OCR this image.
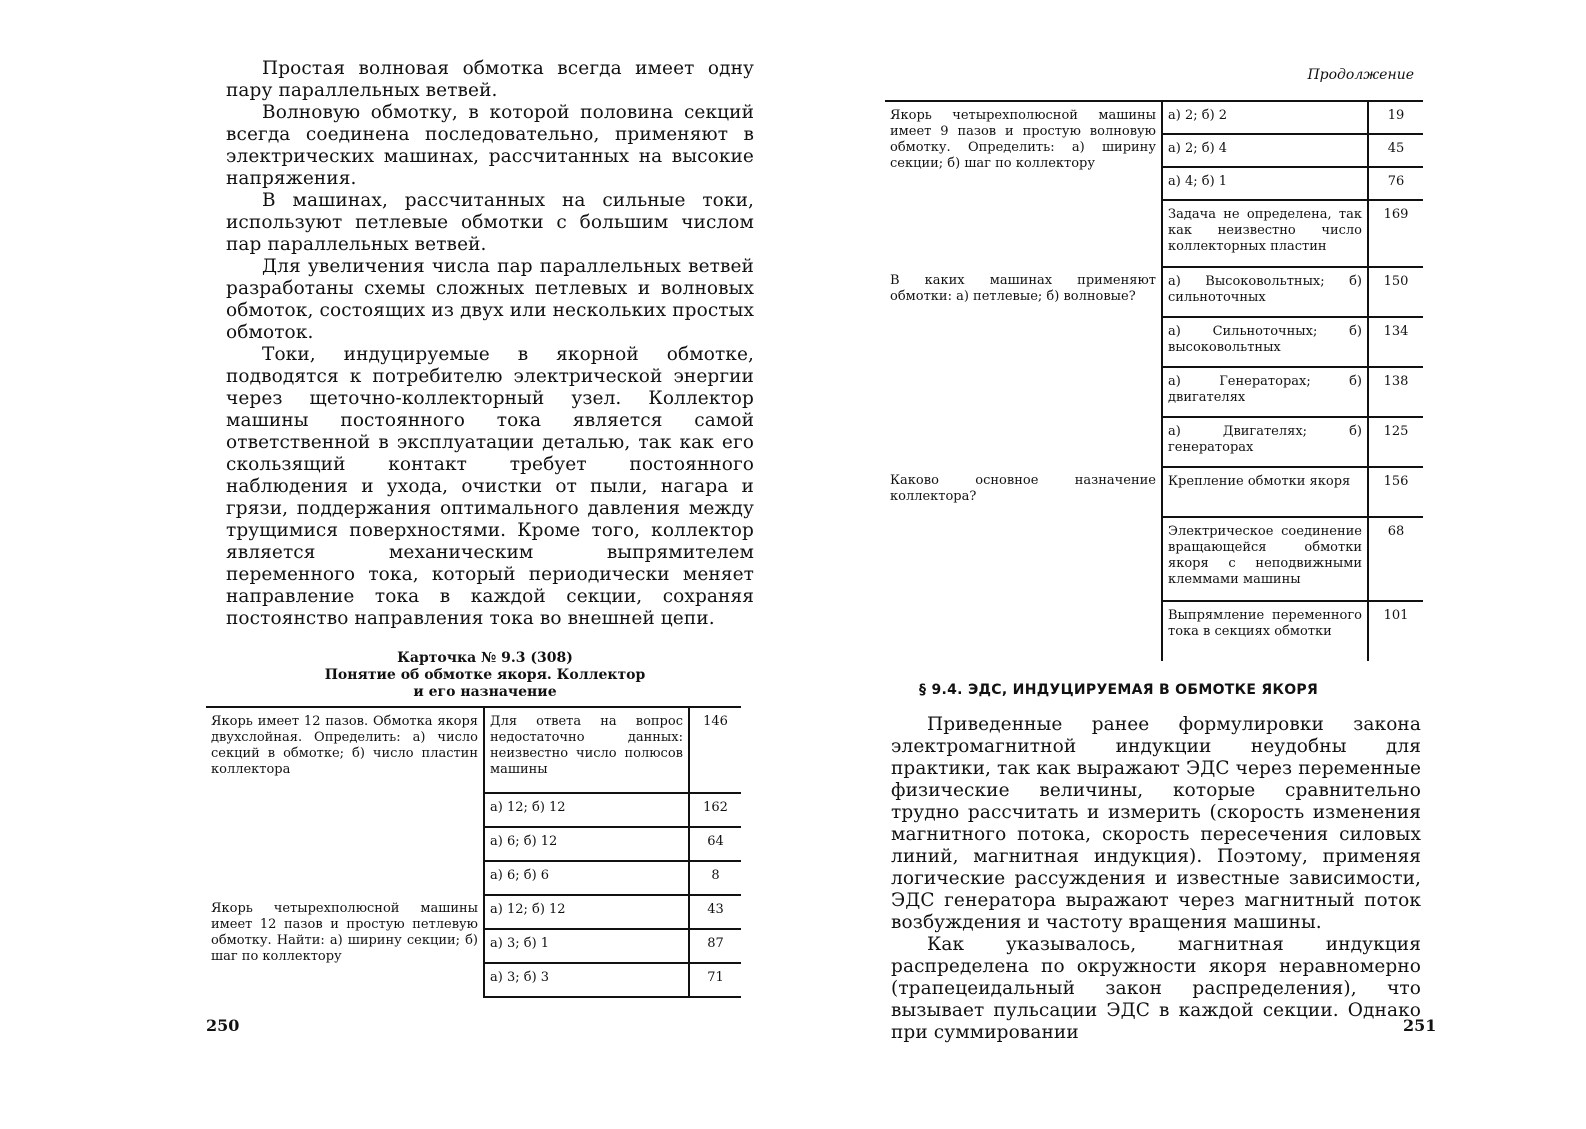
Простая волновая обмотка всегда имеет одну пару параллельных ветвей.

Волновую обмотку, в которой половина секций всегда соединена последовательно, применяют в электрических машинах, рассчитанных на высокие напряжения.

В машинах, рассчитанных на сильные токи, используют петлевые обмотки с большим числом пар параллельных ветвей.

Для увеличения числа пар параллельных ветвей разработаны схемы сложных петлевых и волновых обмоток, состоящих из двух или нескольких простых обмоток.

Токи, индуцируемые в якорной обмотке, подводятся к потребителю электрической энергии через щеточно-коллекторный узел. Коллектор машины постоянного тока является самой ответственной в эксплуатации деталью, так как его скользящий контакт требует постоянного наблюдения и ухода, очистки от пыли, нагара и грязи, поддержания оптимального давления между трущимися поверхностями. Кроме того, коллектор является механическим выпрямителем переменного тока, который периодически меняет направление тока в каждой секции, сохраняя постоянство направления тока во внешней цепи.

Карточка № 9.3 (308)
Понятие об обмотке якоря. Коллектор
и его назначение
Якорь имеет 12 пазов. Обмотка якоря двухслойная. Определить: а) число секций в обмотке; б) число пластин коллектора	Для ответа на вопрос недостаточно данных: неизвестно число полюсов машины	146
	а) 12; б) 12	162
	а) 6; б) 12	64
	а) 6; б) 6	8
Якорь четырехполюсной машины имеет 12 пазов и простую петлевую обмотку. Найти: а) ширину секции; б) шаг по коллектору	а) 12; б) 12	43
	а) 3; б) 1	87
	а) 3; б) 3	71
250
Продолжение
Якорь четырехполюсной машины имеет 9 пазов и простую волновую обмотку. Определить: а) ширину секции; б) шаг по коллектору	а) 2; б) 2	19
	а) 2; б) 4	45
	а) 4; б) 1	76
	Задача не определена, так как неизвестно число коллекторных пластин	169
В каких машинах применяют обмотки: а) петлевые; б) волновые?	а) Высоковольтных; б) сильноточных	150
	а) Сильноточных; б) высоковольтных	134
	а) Генераторах; б) двигателях	138
	а) Двигателях; б) генераторах	125
Каково основное назначение коллектора?	Крепление обмотки якоря	156
	Электрическое соединение вращающейся обмотки якоря с неподвижными клеммами машины	68
	Выпрямление переменного тока в секциях обмотки	101
§ 9.4. ЭДС, ИНДУЦИРУЕМАЯ В ОБМОТКЕ ЯКОРЯ

Приведенные ранее формулировки закона электромагнитной индукции неудобны для практики, так как выражают ЭДС через переменные физические величины, которые сравнительно трудно рассчитать и измерить (скорость изменения магнитного потока, скорость пересечения силовых линий, магнитная индукция). Поэтому, применяя логические рассуждения и известные зависимости, ЭДС генератора выражают через магнитный поток возбуждения и частоту вращения машины.

Как указывалось, магнитная индукция распределена по окружности якоря неравномерно (трапецеидальный закон распределения), что вызывает пульсации ЭДС в каждой секции. Однако при суммировании	251
